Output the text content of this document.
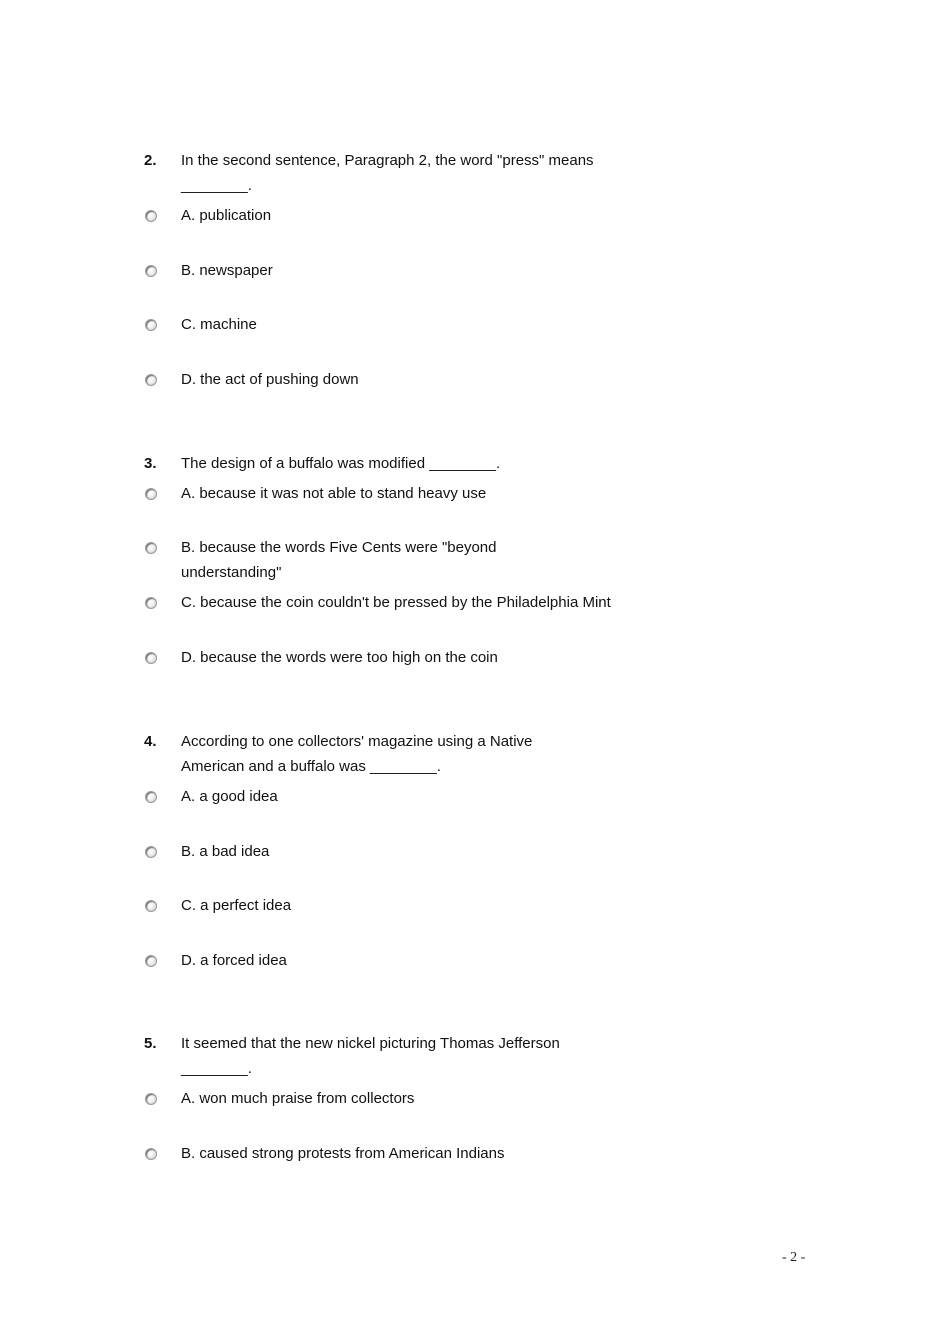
2.	In the second sentence, Paragraph 2, the word "press" means ________.
A. publication
B. newspaper
C. machine
D. the act of pushing down
3.	The design of a buffalo was modified ________.
A. because it was not able to stand heavy use
B. because the words Five Cents were "beyond understanding"
C. because the coin couldn't be pressed by the Philadelphia Mint
D. because the words were too high on the coin
4.	According to one collectors' magazine using a Native American and a buffalo was ________.
A. a good idea
B. a bad idea
C. a perfect idea
D. a forced idea
5.	It seemed that the new nickel picturing Thomas Jefferson ________.
A. won much praise from collectors
B. caused strong protests from American Indians
- 2 -
